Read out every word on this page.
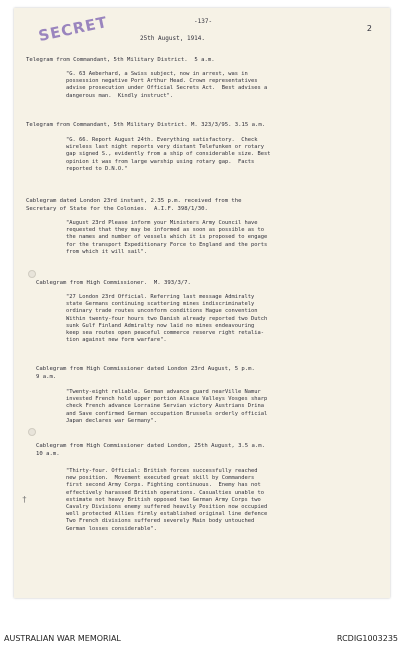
SECRET	-137-
2
25th August, 1914.
Telegram from Commandant, 5th Military District.  5 a.m.
"G. 63 Aeberhard, a Swiss subject, now in arrest, was in
possession negative Port Arthur Head. Crown representatives
advise prosecution under Official Secrets Act.  Best advises a
dangerous man.  Kindly instruct".
Telegram from Commandant, 5th Military District. M. 323/3/95. 3.15 a.m.
"G. 66. Report August 24th. Everything satisfactory.  Check
wireless last night reports very distant Telefunken or rotary
gap signed S., evidently from a ship of considerable size. Best
opinion it was from large warship using rotary gap.  Facts
reported to D.N.O."
Cablegram dated London 23rd instant, 2.35 p.m. received from the
Secretary of State for the Colonies.  A.I.F. 398/1/30.
"August 23rd Please inform your Ministers Army Council have
requested that they may be informed as soon as possible as to
the names and number of vessels which it is proposed to engage
for the transport Expeditionary Force to England and the ports
from which it will sail".
Cablegram from High Commissioner.  M. 393/3/7.
"27 London 23rd Official. Referring last message Admiralty
state Germans continuing scattering mines indiscriminately
ordinary trade routes unconform conditions Hague convention
Within twenty-four hours two Danish already reported two Dutch
sunk Gulf Finland Admiralty now laid no mines endeavouring
keep sea routes open peaceful commerce reserve right retalia-
tion against new form warfare".
Cablegram from High Commissioner dated London 23rd August, 5 p.m.
9 a.m.
"Twenty-eight reliable. German advance guard nearVille Namur
invested French hold upper portion Alsace Valleys Vosges sharp
check French advance Lorraine Servian victory Austrians Drina
and Save confirmed German occupation Brussels orderly official
Japan declares war Germany".
Cablegram from High Commissioner dated London, 25th August, 3.5 a.m.
10 a.m.
"Thirty-four. Official: British forces successfully reached
new position.  Movement executed great skill by Commanders
first second Army Corps. Fighting continuous.  Enemy has not
effectively harassed British operations. Casualties unable to
estimate not heavy British opposed two German Army Corps two
Cavalry Divisions enemy suffered heavily Position now occupied
well protected Allies firmly established original line defence
Two French divisions suffered severely Main body untouched
German losses considerable".
†
AUSTRALIAN WAR MEMORIAL	RCDIG1003235
